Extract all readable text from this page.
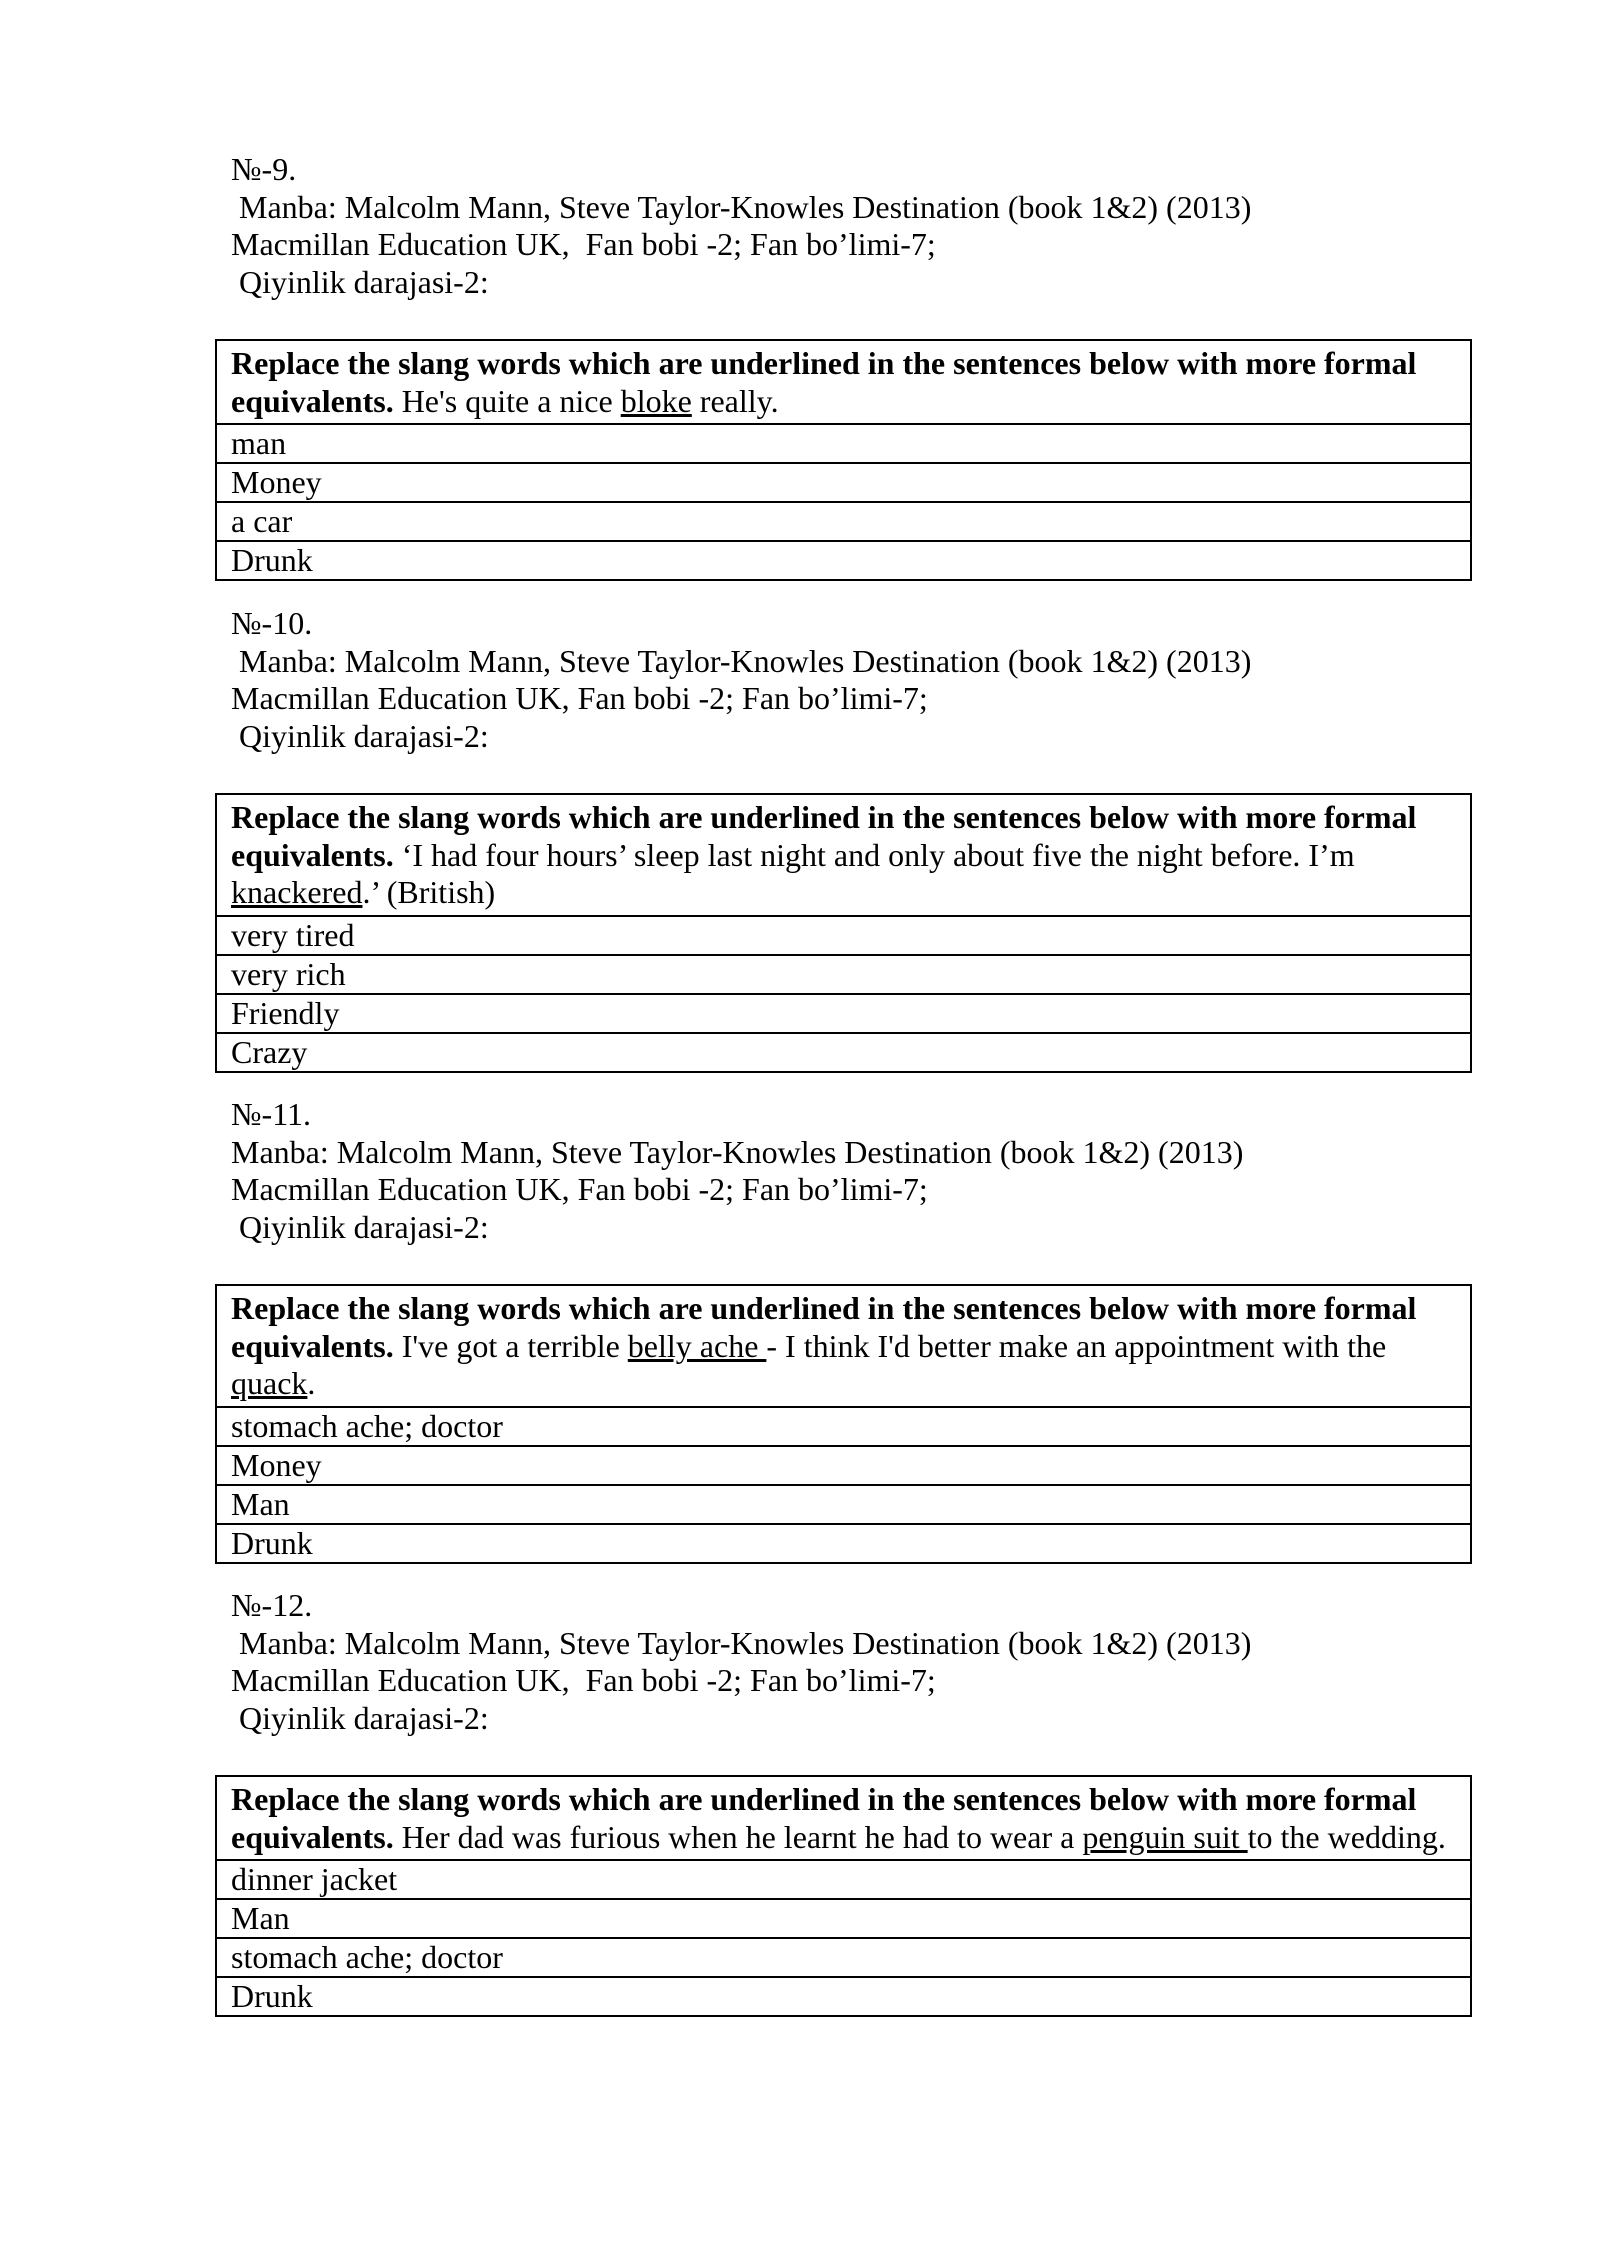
№-9.
Manba: Malcolm Mann, Steve Taylor-Knowles Destination (book 1&2) (2013)
Macmillan Education UK,  Fan bobi -2; Fan bo’limi-7;
Qiyinlik darajasi-2:
Replace the slang words which are underlined in the sentences below with more formal equivalents. He's quite a nice bloke really.
man
Money
a car
Drunk
№-10.
Manba: Malcolm Mann, Steve Taylor-Knowles Destination (book 1&2) (2013)
Macmillan Education UK, Fan bobi -2; Fan bo’limi-7;
Qiyinlik darajasi-2:
Replace the slang words which are underlined in the sentences below with more formal equivalents. ‘I had four hours’ sleep last night and only about five the night before. I’m knackered.’ (British)
very tired
very rich
Friendly
Crazy
№-11.
Manba: Malcolm Mann, Steve Taylor-Knowles Destination (book 1&2) (2013)
Macmillan Education UK, Fan bobi -2; Fan bo’limi-7;
Qiyinlik darajasi-2:
Replace the slang words which are underlined in the sentences below with more formal equivalents. I've got a terrible belly ache - I think I'd better make an appointment with the quack.
stomach ache; doctor
Money
Man
Drunk
№-12.
Manba: Malcolm Mann, Steve Taylor-Knowles Destination (book 1&2) (2013)
Macmillan Education UK,  Fan bobi -2; Fan bo’limi-7;
Qiyinlik darajasi-2:
Replace the slang words which are underlined in the sentences below with more formal equivalents. Her dad was furious when he learnt he had to wear a penguin suit to the wedding.
dinner jacket
Man
stomach ache; doctor
Drunk
